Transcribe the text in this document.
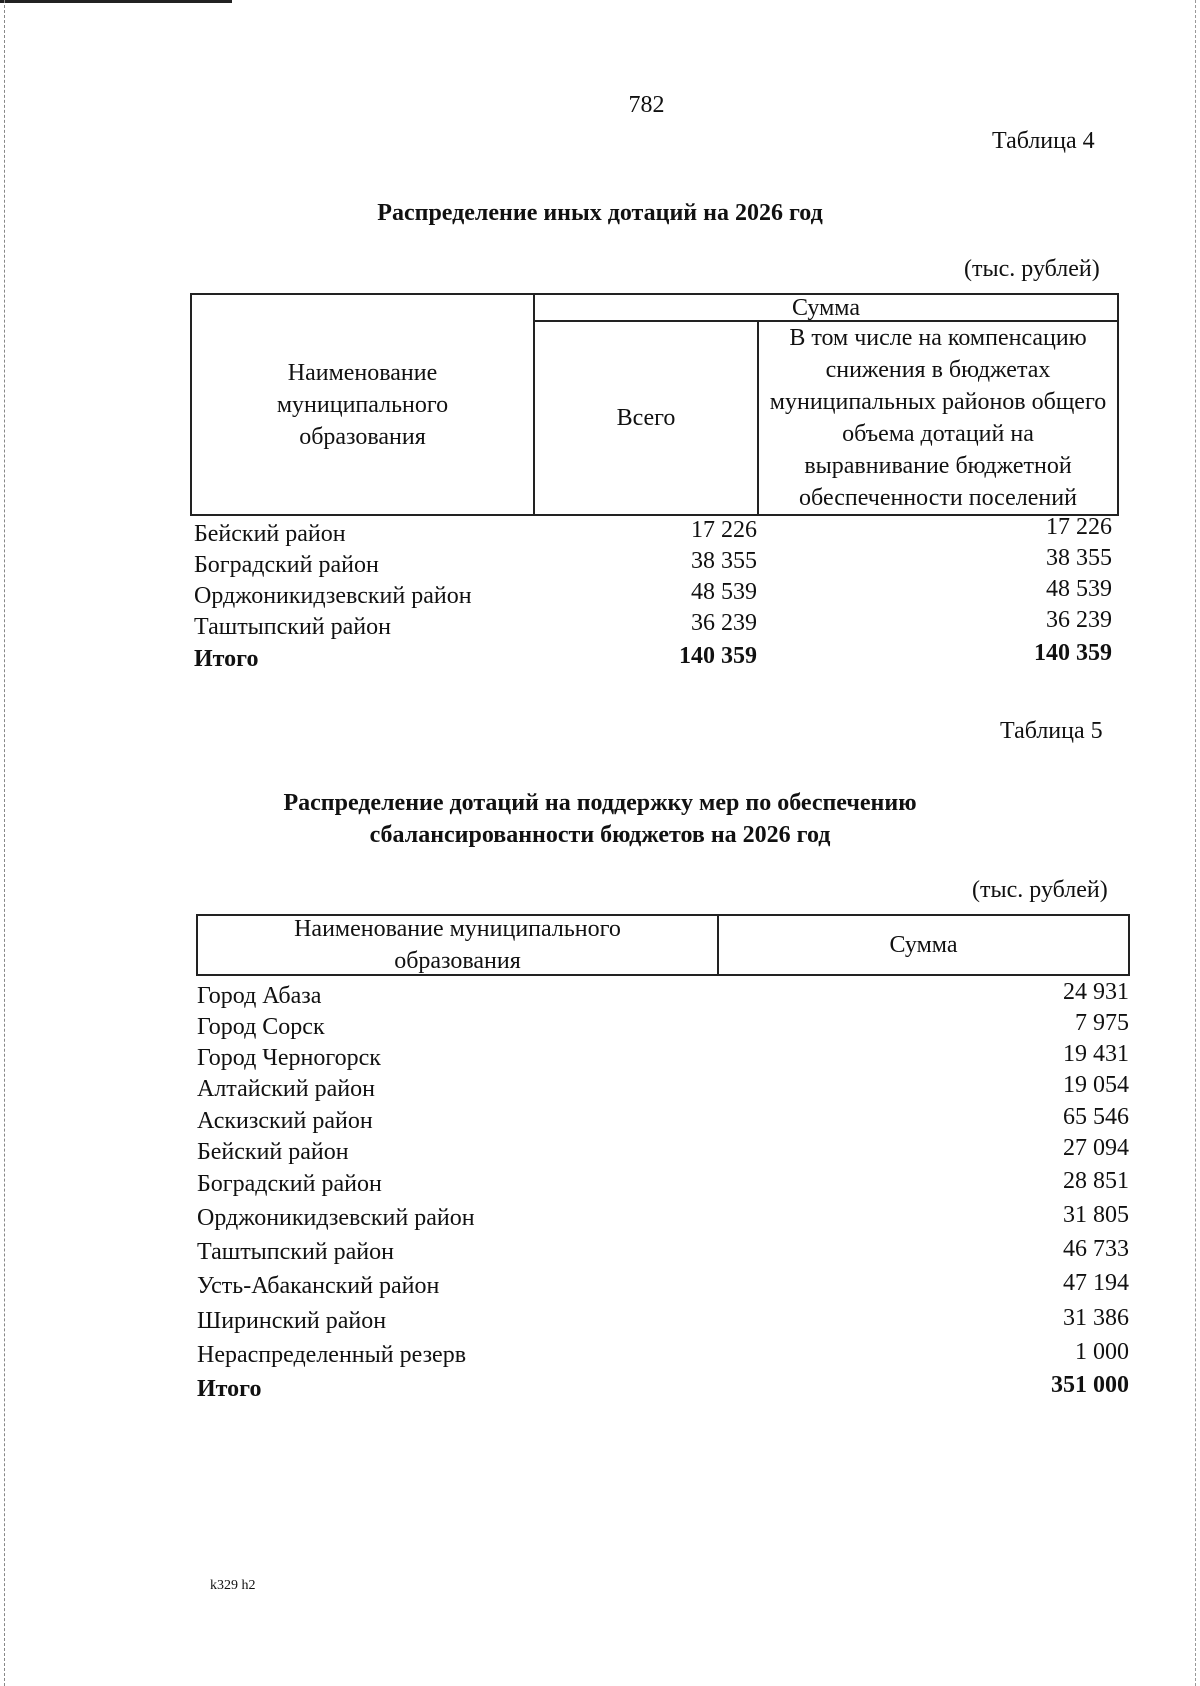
782
Таблица 4
Распределение иных дотаций на 2026 год
(тыс. рублей)
Наименование муниципального образования
Сумма
Всего
В том числе на компенсацию снижения в бюджетах муниципальных районов общего объема дотаций на выравнивание бюджетной обеспеченности поселений
Бейский район	17 226	17 226
Боградский район	38 355	38 355
Орджоникидзевский район	48 539	48 539
Таштыпский район	36 239	36 239
Итого	140 359	140 359
Таблица 5
Распределение дотаций на поддержку мер по обеспечению
сбалансированности бюджетов на 2026 год
(тыс. рублей)
Наименование муниципального образования
Сумма
Город Абаза	24 931
Город Сорск	7 975
Город Черногорск	19 431
Алтайский район	19 054
Аскизский район	65 546
Бейский район	27 094
Боградский район	28 851
Орджоникидзевский район	31 805
Таштыпский район	46 733
Усть-Абаканский район	47 194
Ширинский район	31 386
Нераспределенный резерв	1 000
Итого	351 000
k329 h2
